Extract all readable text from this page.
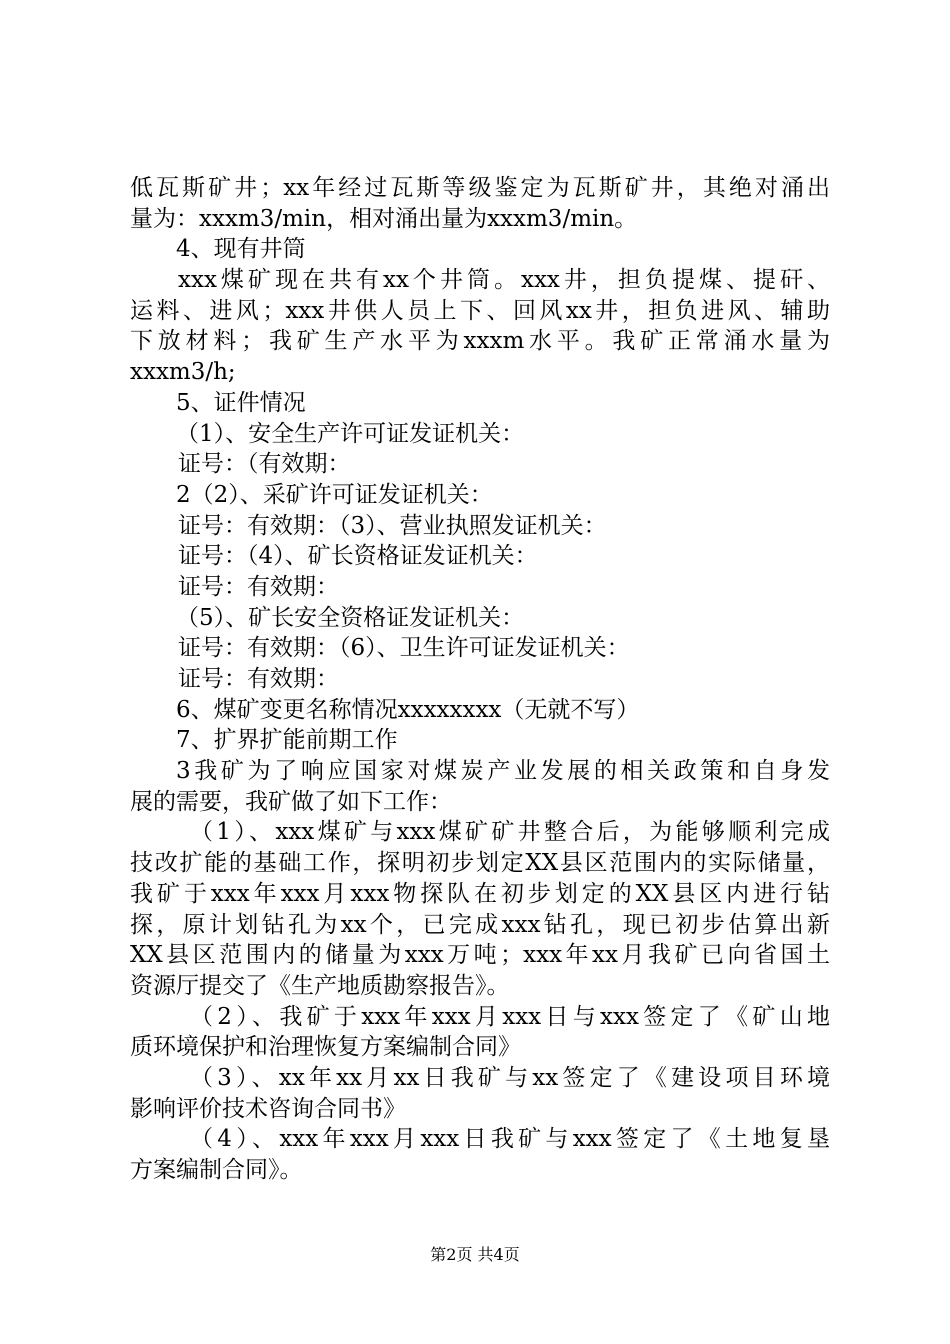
低瓦斯矿井；xx年经过瓦斯等级鉴定为瓦斯矿井，其绝对涌出
量为：xxxm3/min，相对涌出量为xxxm3/min。
4、现有井筒
xxx煤矿现在共有xx个井筒。xxx井，担负提煤、提矸、
运料、进风；xxx井供人员上下、回风xx井，担负进风、辅助
下放材料；我矿生产水平为xxxm水平。我矿正常涌水量为
xxxm3/h;
5、证件情况
（1）、安全生产许可证发证机关：
证号：（有效期：
2（2）、采矿许可证发证机关：
证号：有效期：（3）、营业执照发证机关：
证号：（4）、矿长资格证发证机关：
证号：有效期：
（5）、矿长安全资格证发证机关：
证号：有效期：（6）、卫生许可证发证机关：
证号：有效期：
6、煤矿变更名称情况xxxxxxxx（无就不写）
7、扩界扩能前期工作
3我矿为了响应国家对煤炭产业发展的相关政策和自身发
展的需要，我矿做了如下工作：
（1）、xxx煤矿与xxx煤矿矿井整合后，为能够顺利完成
技改扩能的基础工作，探明初步划定XX县区范围内的实际储量，
我矿于xxx年xxx月xxx物探队在初步划定的XX县区内进行钻
探，原计划钻孔为xx个，已完成xxx钻孔，现已初步估算出新
XX县区范围内的储量为xxx万吨；xxx年xx月我矿已向省国土
资源厅提交了《生产地质勘察报告》。
（2）、我矿于xxx年xxx月xxx日与xxx签定了《矿山地
质环境保护和治理恢复方案编制合同》
（3）、xx年xx月xx日我矿与xx签定了《建设项目环境
影响评价技术咨询合同书》
（4）、xxx年xxx月xxx日我矿与xxx签定了《土地复垦
方案编制合同》。
第2页 共4页
